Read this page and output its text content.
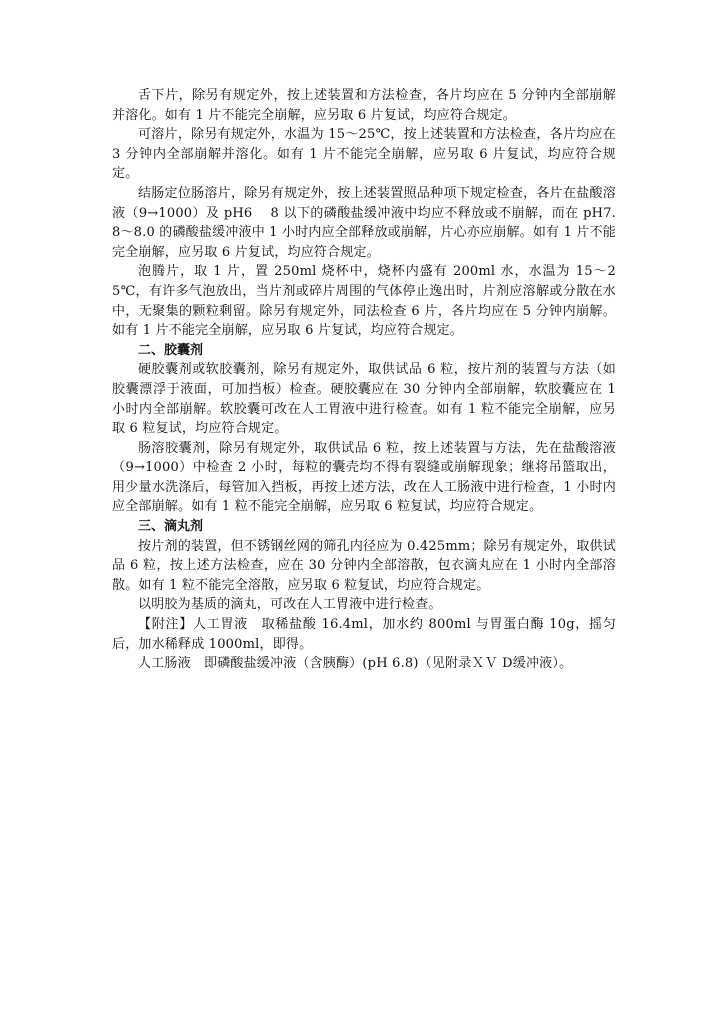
舌下片，除另有规定外，按上述装置和方法检查，各片均应在 5 分钟内全部崩解并溶化。如有 1 片不能完全崩解，应另取 6 片复试，均应符合规定。

可溶片，除另有规定外，水温为 15～25℃，按上述装置和方法检查，各片均应在 3 分钟内全部崩解并溶化。如有 1 片不能完全崩解，应另取 6 片复试，均应符合规定。

结肠定位肠溶片，除另有规定外，按上述装置照品种项下规定检查，各片在盐酸溶液（9→1000）及 pH6　 8 以下的磷酸盐缓冲液中均应不释放或不崩解，而在 pH7.8～8.0 的磷酸盐缓冲液中 1 小时内应全部释放或崩解，片心亦应崩解。如有 1 片不能完全崩解，应另取 6 片复试，均应符合规定。

泡腾片，取 1 片，置 250ml 烧杯中，烧杯内盛有 200ml 水，水温为 15～25℃，有许多气泡放出，当片剂或碎片周围的气体停止逸出时，片剂应溶解或分散在水中，无聚集的颗粒剩留。除另有规定外，同法检查 6 片，各片均应在 5 分钟内崩解。如有 1 片不能完全崩解，应另取 6 片复试，均应符合规定。

二、胶囊剂

硬胶囊剂或软胶囊剂，除另有规定外，取供试品 6 粒，按片剂的装置与方法（如胶囊漂浮于液面，可加挡板）检查。硬胶囊应在 30 分钟内全部崩解，软胶囊应在 1 小时内全部崩解。软胶囊可改在人工胃液中进行检查。如有 1 粒不能完全崩解，应另取 6 粒复试，均应符合规定。

肠溶胶囊剂，除另有规定外，取供试品 6 粒，按上述装置与方法，先在盐酸溶液（9→1000）中检查 2 小时，每粒的囊壳均不得有裂缝或崩解现象；继将吊篮取出，用少量水洗涤后，每管加入挡板，再按上述方法，改在人工肠液中进行检查，1 小时内应全部崩解。如有 1 粒不能完全崩解，应另取 6 粒复试，均应符合规定。

三、滴丸剂

按片剂的装置，但不锈钢丝网的筛孔内径应为 0.425mm；除另有规定外，取供试品 6 粒，按上述方法检查，应在 30 分钟内全部溶散，包衣滴丸应在 1 小时内全部溶散。如有 1 粒不能完全溶散，应另取 6 粒复试，均应符合规定。

以明胶为基质的滴丸，可改在人工胃液中进行检查。

【附注】人工胃液　取稀盐酸 16.4ml，加水约 800ml 与胃蛋白酶 10g，摇匀后，加水稀释成 1000ml，即得。

人工肠液　即磷酸盐缓冲液（含胰酶）(pH 6.8)（见附录ＸＶ D缓冲液）。
